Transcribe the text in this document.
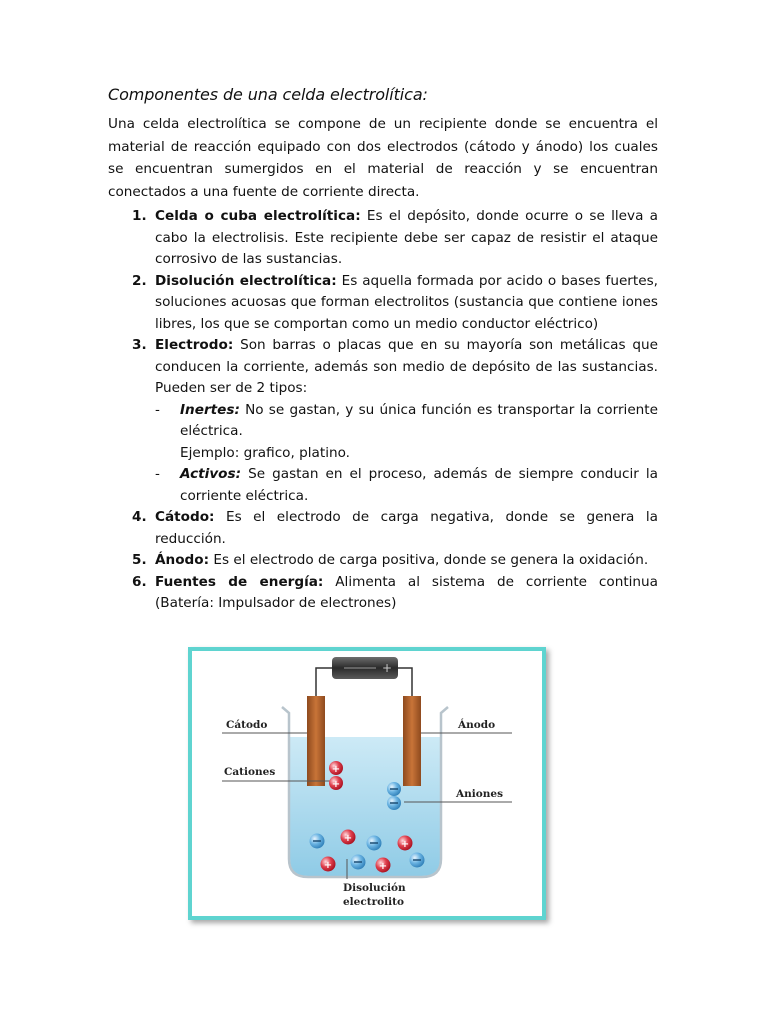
Componentes de una celda electrolítica:

Una celda electrolítica se compone de un recipiente donde se encuentra el material de reacción equipado con dos electrodos (cátodo y ánodo) los cuales se encuentran sumergidos en el material de reacción y se encuentran conectados a una fuente de corriente directa.

1. Celda o cuba electrolítica: Es el depósito, donde ocurre o se lleva a cabo la electrolisis. Este recipiente debe ser capaz de resistir el ataque corrosivo de las sustancias.
2. Disolución electrolítica: Es aquella formada por acido o bases fuertes, soluciones acuosas que forman electrolitos (sustancia que contiene iones libres, los que se comportan como un medio conductor eléctrico)
3. Electrodo: Son barras o placas que en su mayoría son metálicas que conducen la corriente, además son medio de depósito de las sustancias. Pueden ser de 2 tipos:
- Inertes: No se gastan, y su única función es transportar la corriente eléctrica.
Ejemplo: grafico, platino.
- Activos: Se gastan en el proceso, además de siempre conducir la corriente eléctrica.
4. Cátodo: Es el electrodo de carga negativa, donde se genera la reducción.
5. Ánodo: Es el electrodo de carga positiva, donde se genera la oxidación.
6. Fuentes de energía: Alimenta al sistema de corriente continua (Batería: Impulsador de electrones)
+
+
+
+
+
+	+
Cátodo	Ánodo
Cationes
Aniones
Disolución
electrolito
